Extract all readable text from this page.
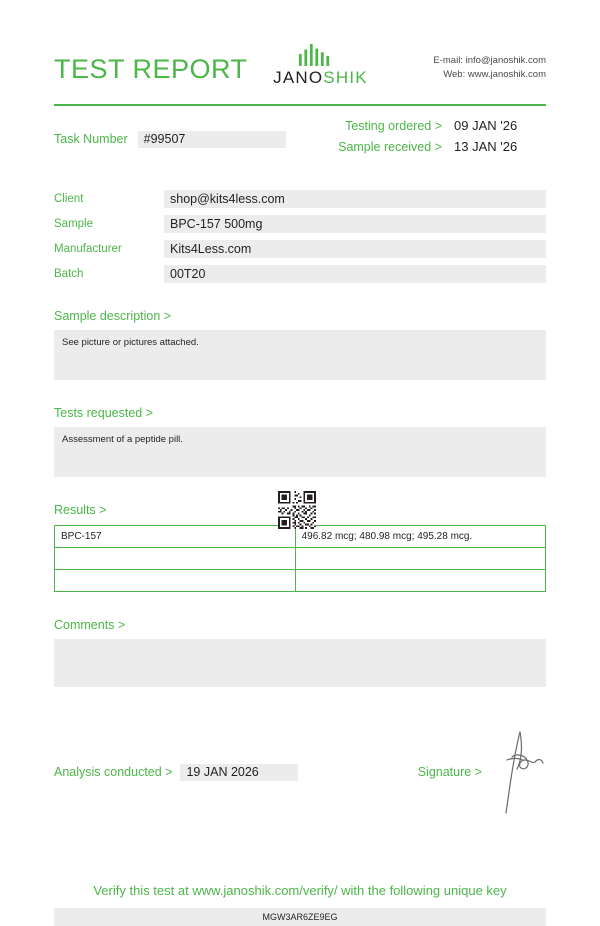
TEST REPORT JANOSHIK
E-mail: info@janoshik.com
Web: www.janoshik.com
Task Number	#99507
Testing ordered > 09 JAN '26
Sample received > 13 JAN '26
Client	shop@kits4less.com
Sample	BPC-157 500mg
Manufacturer	Kits4Less.com
Batch	00T20
Sample description >
See picture or pictures attached.
Tests requested >
Assessment of a peptide pill.
Results >
BPC-157	496.82 mcg; 480.98 mcg; 495.28 mcg.

Comments >
Analysis conducted >	19 JAN 2026	Signature >
Verify this test at www.janoshik.com/verify/ with the following unique key
MGW3AR6ZE9EG
